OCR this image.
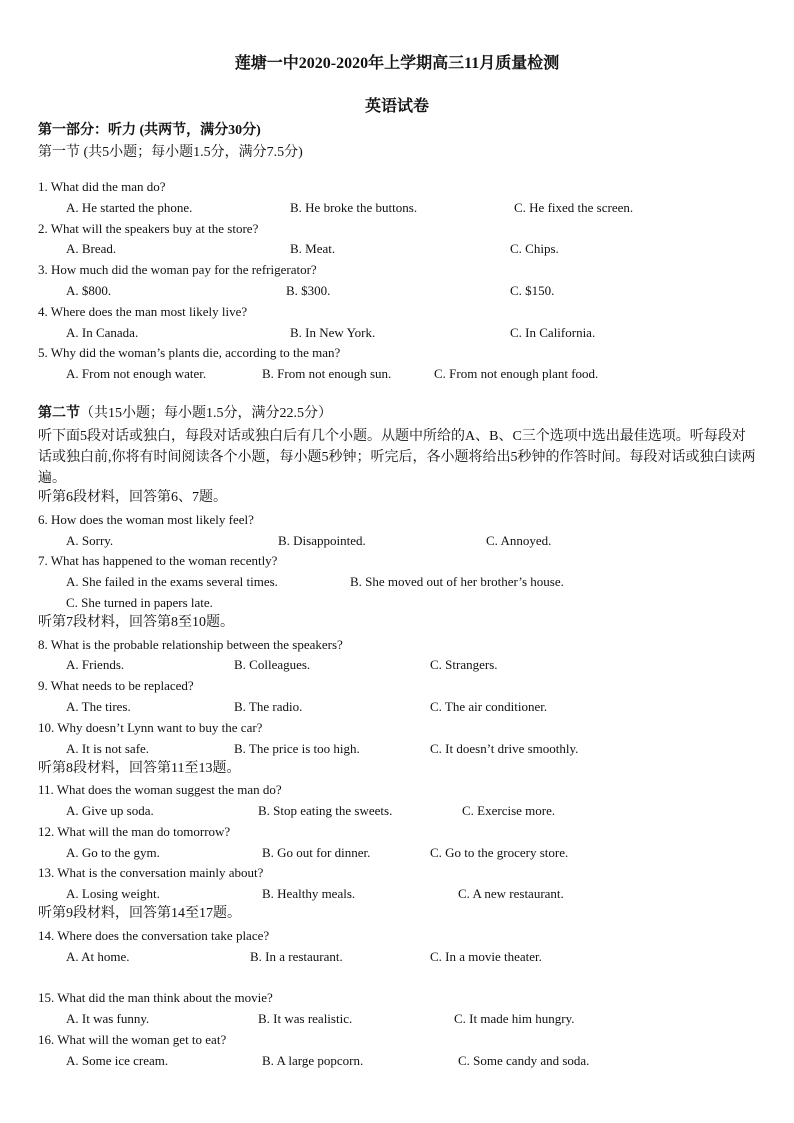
莲塘一中2020-2020年上学期高三11月质量检测
英语试卷
第一部分：听力 (共两节，满分30分)
第一节 (共5小题；每小题1.5分，满分7.5分)
1. What did the man do?
A. He started the phone.	B. He broke the buttons.	C. He fixed the screen.
2. What will the speakers buy at the store?
A. Bread.	B. Meat.	C. Chips.
3. How much did the woman pay for the refrigerator?
A. $800.	B. $300.	C. $150.
4. Where does the man most likely live?
A. In Canada.	B. In New York.	C. In California.
5. Why did the woman’s plants die, according to the man?
A. From not enough water.	B. From not enough sun.	C. From not enough plant food.
第二节（共15小题；每小题1.5分，满分22.5分）
听下面5段对话或独白，每段对话或独白后有几个小题。从题中所给的A、B、C三个选项中选出最佳选项。听每段对话或独白前,你将有时间阅读各个小题，每小题5秒钟；听完后，各小题将给出5秒钟的作答时间。每段对话或独白读两遍。
听第6段材料，回答第6、7题。
6. How does the woman most likely feel?
A. Sorry.	B. Disappointed.	C. Annoyed.
7. What has happened to the woman recently?
A. She failed in the exams several times.	B. She moved out of her brother’s house.
C. She turned in papers late.
听第7段材料，回答第8至10题。
8. What is the probable relationship between the speakers?
A. Friends.	B. Colleagues.	C. Strangers.
9. What needs to be replaced?
A. The tires.	B. The radio.	C. The air conditioner.
10. Why doesn’t Lynn want to buy the car?
A. It is not safe.	B. The price is too high.	C. It doesn’t drive smoothly.
听第8段材料，回答第11至13题。
11. What does the woman suggest the man do?
A. Give up soda.	B. Stop eating the sweets.	C. Exercise more.
12. What will the man do tomorrow?
A. Go to the gym.	B. Go out for dinner.	C. Go to the grocery store.
13. What is the conversation mainly about?
A. Losing weight.	B. Healthy meals.	C. A new restaurant.
听第9段材料，回答第14至17题。
14. Where does the conversation take place?
A. At home.	B. In a restaurant.	C. In a movie theater.
15. What did the man think about the movie?
A. It was funny.	B. It was realistic.	C. It made him hungry.
16. What will the woman get to eat?
A. Some ice cream.	B. A large popcorn.	C. Some candy and soda.
